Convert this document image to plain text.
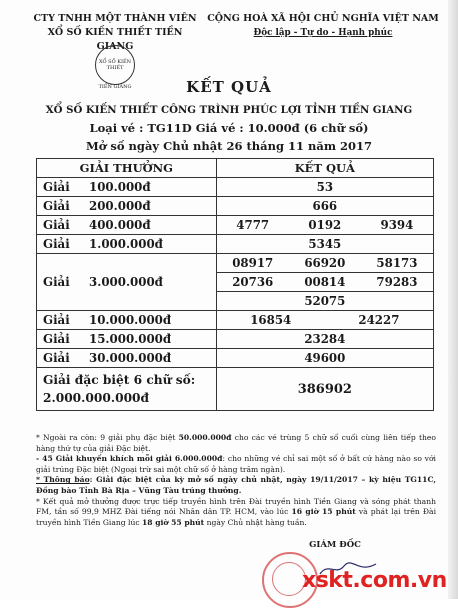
CTY TNHH MỘT THÀNH VIÊN
XỔ SỐ KIẾN THIẾT TIỀN GIANG
XỔ SỐ KIẾN THIẾT
TIỀN GIANG
CỘNG HOÀ XÃ HỘI CHỦ NGHĨA VIỆT NAM
Độc lập - Tự do - Hạnh phúc
KẾT QUẢ
XỔ SỐ KIẾN THIẾT CÔNG TRÌNH PHÚC LỢI TỈNH TIỀN GIANG
Loại vé : TG11D Giá vé : 10.000đ (6 chữ số)
Mở số ngày Chủ nhật 26 tháng 11 năm 2017
GIẢI THƯỞNG	KẾT QUẢ
Giải 100.000đ	53
Giải 200.000đ	666
Giải 400.000đ	4777 0192 9394

Giải 1.000.000đ	5345
Giải 3.000.000đ	08917 66920 58173

	20736 00814 79283

	52075
Giải 10.000.000đ	16854 24227

Giải 15.000.000đ	23284
Giải 30.000.000đ	49600

Giải đặc biệt 6 chữ số:
2.000.000.000đ	386902

* Ngoài ra còn: 9 giải phụ đặc biệt 50.000.000đ cho các vé trùng 5 chữ số cuối cùng liên tiếp theo hàng thứ tự của giải Đặc biệt.

- 45 Giải khuyến khích mỗi giải 6.000.000đ: cho những vé chỉ sai một số ở bất cứ hàng nào so với giải trúng Đặc biệt (Ngoại trừ sai một chữ số ở hàng trăm ngàn).

* Thông báo: Giải đặc biệt của kỳ mở số ngày chủ nhật, ngày 19/11/2017 – kỳ hiệu TG11C, Đồng bào Tỉnh Bà Rịa – Vũng Tàu trúng thưởng.

* Kết quả mở thưởng được trực tiếp truyền hình trên Đài truyền hình Tiền Giang và sóng phát thanh FM, tần số 99,9 MHZ Đài tiếng nói Nhân dân TP. HCM, vào lúc 16 giờ 15 phút và phát lại trên Đài truyền hình Tiền Giang lúc 18 giờ 55 phút ngày Chủ nhật hàng tuần.

GIÁM ĐỐC
xskt.com.vn
